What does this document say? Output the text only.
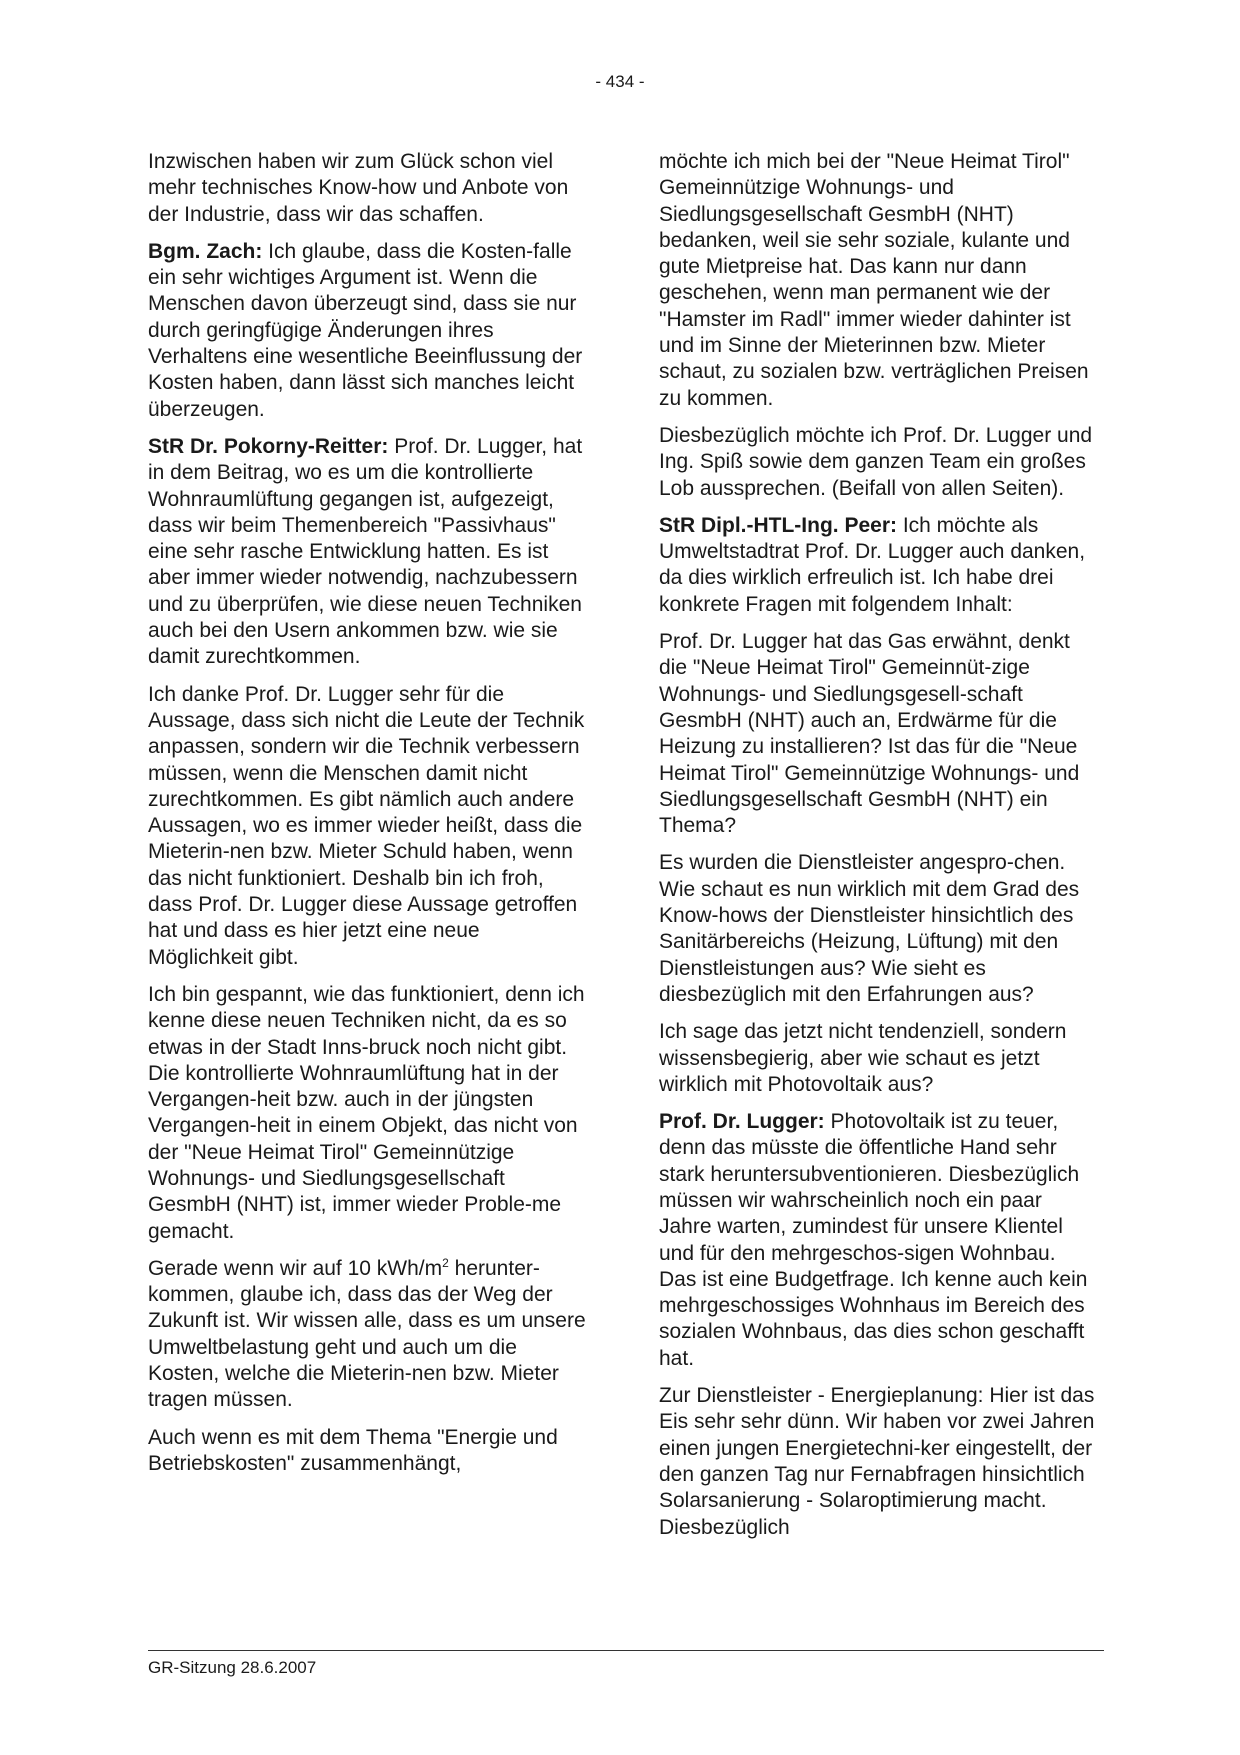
- 434 -

Inzwischen haben wir zum Glück schon viel mehr technisches Know-how und Anbote von der Industrie, dass wir das schaffen.

Bgm. Zach: Ich glaube, dass die Kosten-falle ein sehr wichtiges Argument ist. Wenn die Menschen davon überzeugt sind, dass sie nur durch geringfügige Änderungen ihres Verhaltens eine wesentliche Beeinflussung der Kosten haben, dann lässt sich manches leicht überzeugen.

StR Dr. Pokorny-Reitter: Prof. Dr. Lugger, hat in dem Beitrag, wo es um die kontrollierte Wohnraumlüftung gegangen ist, aufgezeigt, dass wir beim Themenbereich "Passivhaus" eine sehr rasche Entwicklung hatten. Es ist aber immer wieder notwendig, nachzubessern und zu überprüfen, wie diese neuen Techniken auch bei den Usern ankommen bzw. wie sie damit zurechtkommen.

Ich danke Prof. Dr. Lugger sehr für die Aussage, dass sich nicht die Leute der Technik anpassen, sondern wir die Technik verbessern müssen, wenn die Menschen damit nicht zurechtkommen. Es gibt nämlich auch andere Aussagen, wo es immer wieder heißt, dass die Mieterin-nen bzw. Mieter Schuld haben, wenn das nicht funktioniert. Deshalb bin ich froh, dass Prof. Dr. Lugger diese Aussage getroffen hat und dass es hier jetzt eine neue Möglichkeit gibt.

Ich bin gespannt, wie das funktioniert, denn ich kenne diese neuen Techniken nicht, da es so etwas in der Stadt Inns-bruck noch nicht gibt. Die kontrollierte Wohnraumlüftung hat in der Vergangen-heit bzw. auch in der jüngsten Vergangen-heit in einem Objekt, das nicht von der "Neue Heimat Tirol" Gemeinnützige Wohnungs- und Siedlungsgesellschaft GesmbH (NHT) ist, immer wieder Proble-me gemacht.

Gerade wenn wir auf 10 kWh/$m^2$ herunter-kommen, glaube ich, dass das der Weg der Zukunft ist. Wir wissen alle, dass es um unsere Umweltbelastung geht und auch um die Kosten, welche die Mieterin-nen bzw. Mieter tragen müssen.

Auch wenn es mit dem Thema "Energie und Betriebskosten" zusammenhängt,

möchte ich mich bei der "Neue Heimat Tirol" Gemeinnützige Wohnungs- und Siedlungsgesellschaft GesmbH (NHT) bedanken, weil sie sehr soziale, kulante und gute Mietpreise hat. Das kann nur dann geschehen, wenn man permanent wie der "Hamster im Radl" immer wieder dahinter ist und im Sinne der Mieterinnen bzw. Mieter schaut, zu sozialen bzw. verträglichen Preisen zu kommen.

Diesbezüglich möchte ich Prof. Dr. Lugger und Ing. Spiß sowie dem ganzen Team ein großes Lob aussprechen. (Beifall von allen Seiten).

StR Dipl.-HTL-Ing. Peer: Ich möchte als Umweltstadtrat Prof. Dr. Lugger auch danken, da dies wirklich erfreulich ist. Ich habe drei konkrete Fragen mit folgendem Inhalt:

Prof. Dr. Lugger hat das Gas erwähnt, denkt die "Neue Heimat Tirol" Gemeinnüt-zige Wohnungs- und Siedlungsgesell-schaft GesmbH (NHT) auch an, Erdwärme für die Heizung zu installieren? Ist das für die "Neue Heimat Tirol" Gemeinnützige Wohnungs- und Siedlungsgesellschaft GesmbH (NHT) ein Thema?

Es wurden die Dienstleister angespro-chen. Wie schaut es nun wirklich mit dem Grad des Know-hows der Dienstleister hinsichtlich des Sanitärbereichs (Heizung, Lüftung) mit den Dienstleistungen aus? Wie sieht es diesbezüglich mit den Erfahrungen aus?

Ich sage das jetzt nicht tendenziell, sondern wissensbegierig, aber wie schaut es jetzt wirklich mit Photovoltaik aus?

Prof. Dr. Lugger: Photovoltaik ist zu teuer, denn das müsste die öffentliche Hand sehr stark heruntersubventionieren. Diesbezüglich müssen wir wahrscheinlich noch ein paar Jahre warten, zumindest für unsere Klientel und für den mehrgeschos-sigen Wohnbau. Das ist eine Budgetfrage. Ich kenne auch kein mehrgeschossiges Wohnhaus im Bereich des sozialen Wohnbaus, das dies schon geschafft hat.

Zur Dienstleister - Energieplanung: Hier ist das Eis sehr sehr dünn. Wir haben vor zwei Jahren einen jungen Energietechni-ker eingestellt, der den ganzen Tag nur Fernabfragen hinsichtlich Solarsanierung - Solaroptimierung macht. Diesbezüglich

GR-Sitzung 28.6.2007
